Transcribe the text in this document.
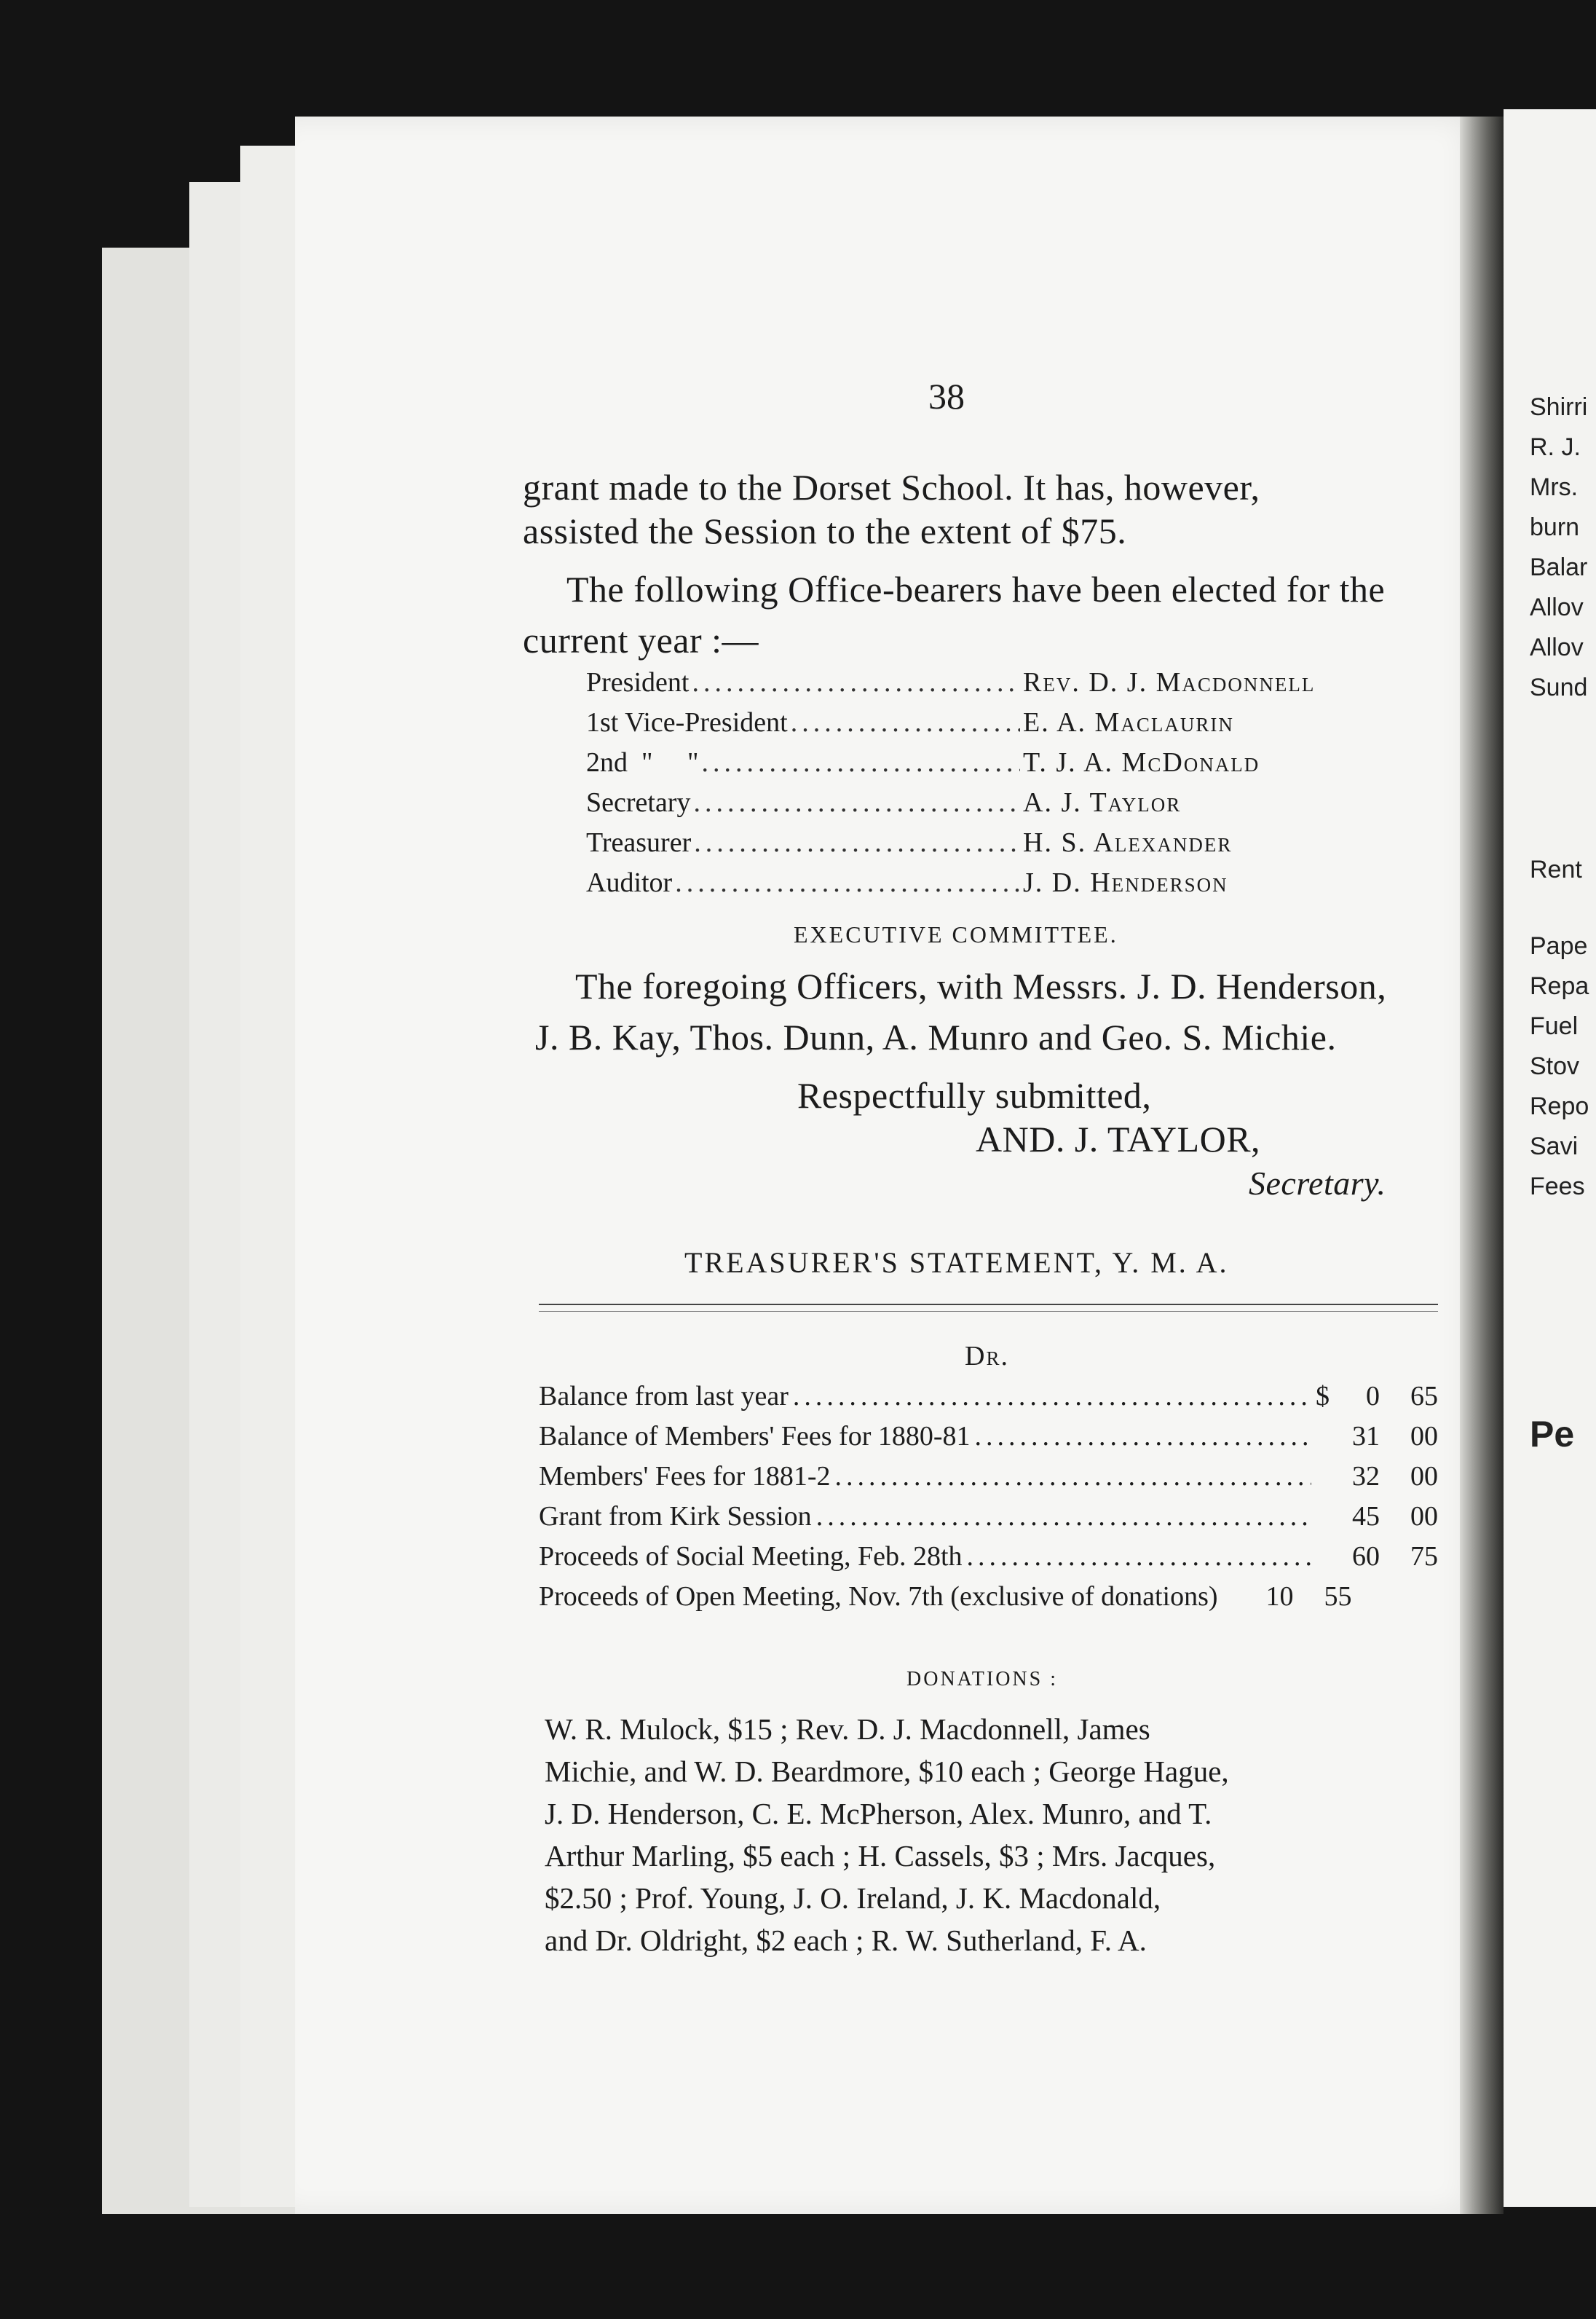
Shirri
R. J.
Mrs.
burn
Balar
Allov
Allov
Sund
Rent
Pape
Repa
Fuel
Stov
Repo
Savi
Fees
Pe
38
grant made to the Dorset School. It has, however,
assisted the Session to the extent of $75.
The following Office-bearers have been elected for the
current year :—
President .....	Rev. D. J. Macdonnell
1st Vice-President .....	E. A. Maclaurin
2nd  "     " .....	T. J. A. McDonald
Secretary .....	A. J. Taylor
Treasurer .....	H. S. Alexander
Auditor .....	J. D. Henderson
EXECUTIVE COMMITTEE.
The foregoing Officers, with Messrs. J. D. Henderson,
J. B. Kay, Thos. Dunn, A. Munro and Geo. S. Michie.
Respectfully submitted,
AND. J. TAYLOR,
Secretary.
TREASURER'S STATEMENT, Y. M. A.
Dr.
Balance from last year .....	$	0	65
Balance of Members' Fees for 1880-81 .....	31	00
Members' Fees for 1881-2 .....	32	00
Grant from Kirk Session .....	45	00
Proceeds of Social Meeting, Feb. 28th .....	60	75
Proceeds of Open Meeting, Nov. 7th (exclusive of donations)	10	55
DONATIONS :
W. R. Mulock, $15 ; Rev. D. J. Macdonnell, James
Michie, and W. D. Beardmore, $10 each ; George Hague,
J. D. Henderson, C. E. McPherson, Alex. Munro, and T.
Arthur Marling, $5 each ; H. Cassels, $3 ; Mrs. Jacques,
$2.50 ; Prof. Young, J. O. Ireland, J. K. Macdonald,
and Dr. Oldright, $2 each ; R. W. Sutherland, F. A.
